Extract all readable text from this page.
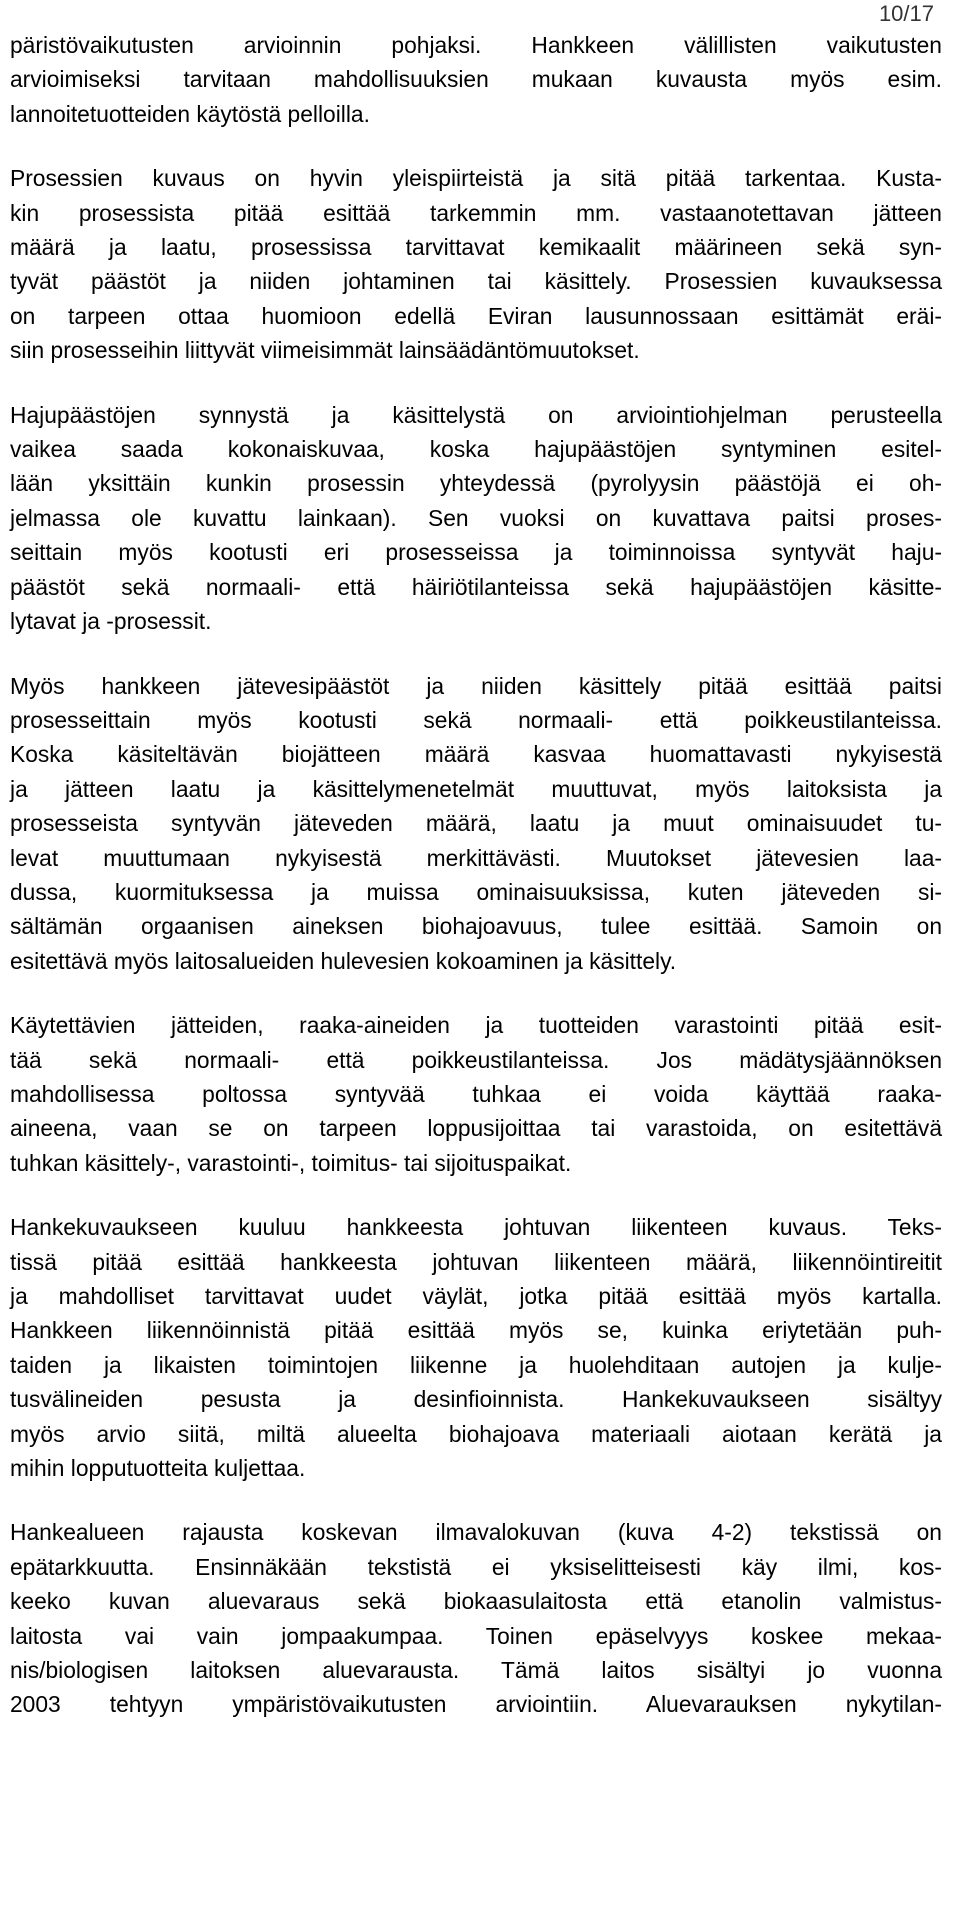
10/17

päristövaikutusten arvioinnin pohjaksi. Hankkeen välillisten vaikutusten
arvioimiseksi tarvitaan mahdollisuuksien mukaan kuvausta myös esim.
lannoitetuotteiden käytöstä pelloilla.

Prosessien kuvaus on hyvin yleispiirteistä ja sitä pitää tarkentaa. Kusta-
kin prosessista pitää esittää tarkemmin mm. vastaanotettavan jätteen
määrä ja laatu, prosessissa tarvittavat kemikaalit määrineen sekä syn-
tyvät päästöt ja niiden johtaminen tai käsittely. Prosessien kuvauksessa
on tarpeen ottaa huomioon edellä Eviran lausunnossaan esittämät eräi-
siin prosesseihin liittyvät viimeisimmät lainsäädäntömuutokset.

Hajupäästöjen synnystä ja käsittelystä on arviointiohjelman perusteella
vaikea saada kokonaiskuvaa, koska hajupäästöjen syntyminen esitel-
lään yksittäin kunkin prosessin yhteydessä (pyrolyysin päästöjä ei oh-
jelmassa ole kuvattu lainkaan). Sen vuoksi on kuvattava paitsi proses-
seittain myös kootusti eri prosesseissa ja toiminnoissa syntyvät haju-
päästöt sekä normaali- että häiriötilanteissa sekä hajupäästöjen käsitte-
lytavat ja -prosessit.

Myös hankkeen jätevesipäästöt ja niiden käsittely pitää esittää paitsi
prosesseittain myös kootusti sekä normaali- että poikkeustilanteissa.
Koska käsiteltävän biojätteen määrä kasvaa huomattavasti nykyisestä
ja jätteen laatu ja käsittelymenetelmät muuttuvat, myös laitoksista ja
prosesseista syntyvän jäteveden määrä, laatu ja muut ominaisuudet tu-
levat muuttumaan nykyisestä merkittävästi. Muutokset jätevesien laa-
dussa, kuormituksessa ja muissa ominaisuuksissa, kuten jäteveden si-
sältämän orgaanisen aineksen biohajoavuus, tulee esittää. Samoin on
esitettävä myös laitosalueiden hulevesien kokoaminen ja käsittely.

Käytettävien jätteiden, raaka-aineiden ja tuotteiden varastointi pitää esit-
tää sekä normaali- että poikkeustilanteissa. Jos mädätysjäännöksen
mahdollisessa poltossa syntyvää tuhkaa ei voida käyttää raaka-
aineena, vaan se on tarpeen loppusijoittaa tai varastoida, on esitettävä
tuhkan käsittely-, varastointi-, toimitus- tai sijoituspaikat.

Hankekuvaukseen kuuluu hankkeesta johtuvan liikenteen kuvaus. Teks-
tissä pitää esittää hankkeesta johtuvan liikenteen määrä, liikennöintireitit
ja mahdolliset tarvittavat uudet väylät, jotka pitää esittää myös kartalla.
Hankkeen liikennöinnistä pitää esittää myös se, kuinka eriytetään puh-
taiden ja likaisten toimintojen liikenne ja huolehditaan autojen ja kulje-
tusvälineiden pesusta ja desinfioinnista. Hankekuvaukseen sisältyy
myös arvio siitä, miltä alueelta biohajoava materiaali aiotaan kerätä ja
mihin lopputuotteita kuljettaa.

Hankealueen rajausta koskevan ilmavalokuvan (kuva 4-2) tekstissä on
epätarkkuutta. Ensinnäkään tekstistä ei yksiselitteisesti käy ilmi, kos-
keeko kuvan aluevaraus sekä biokaasulaitosta että etanolin valmistus-
laitosta vai vain jompaakumpaa. Toinen epäselvyys koskee mekaa-
nis/biologisen laitoksen aluevarausta. Tämä laitos sisältyi jo vuonna
2003 tehtyyn ympäristövaikutusten arviointiin. Aluevarauksen nykytilan-
